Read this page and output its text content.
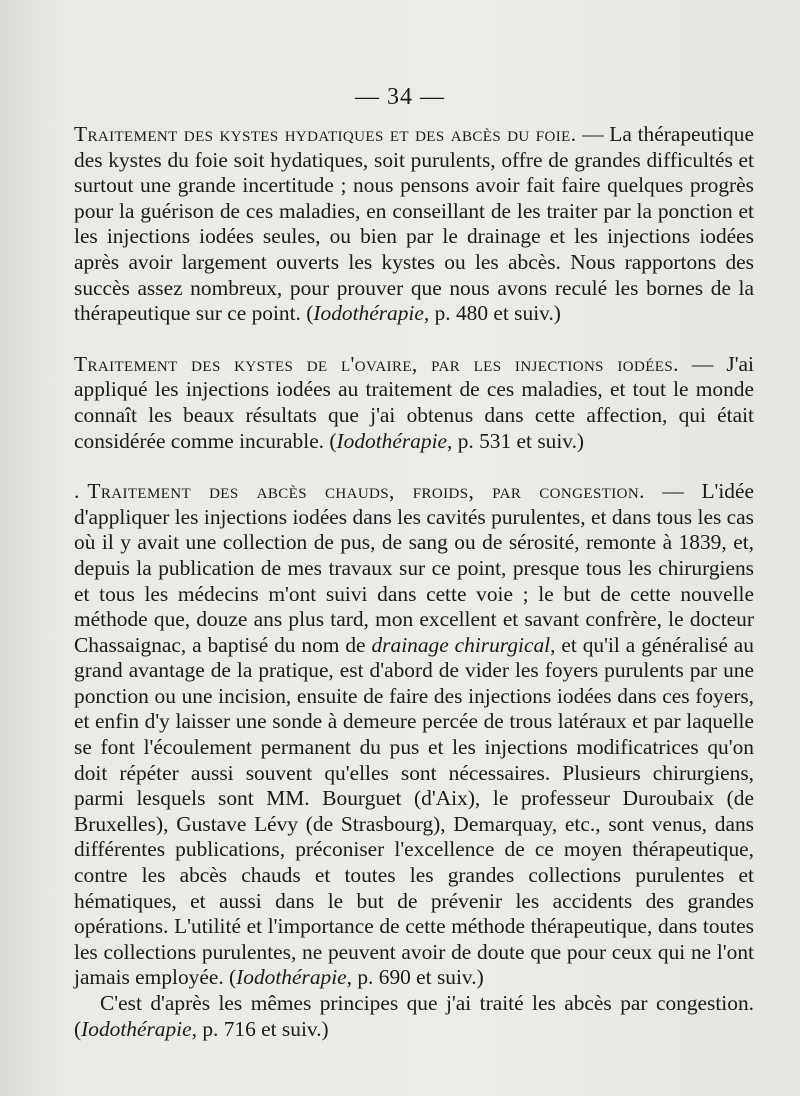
— 34 —

Traitement des kystes hydatiques et des abcès du foie. — La thérapeutique des kystes du foie soit hydatiques, soit purulents, offre de grandes difficultés et surtout une grande incertitude ; nous pensons avoir fait faire quelques progrès pour la guérison de ces maladies, en conseillant de les traiter par la ponction et les injections iodées seules, ou bien par le drainage et les injections iodées après avoir largement ouverts les kystes ou les abcès. Nous rapportons des succès assez nombreux, pour prouver que nous avons reculé les bornes de la thérapeutique sur ce point. (Iodothérapie, p. 480 et suiv.)

Traitement des kystes de l'ovaire, par les injections iodées. — J'ai appliqué les injections iodées au traitement de ces maladies, et tout le monde connaît les beaux résultats que j'ai obtenus dans cette affection, qui était considérée comme incurable. (Iodothérapie, p. 531 et suiv.)

. Traitement des abcès chauds, froids, par congestion. — L'idée d'appliquer les injections iodées dans les cavités purulentes, et dans tous les cas où il y avait une collection de pus, de sang ou de sérosité, remonte à 1839, et, depuis la publication de mes travaux sur ce point, presque tous les chirurgiens et tous les médecins m'ont suivi dans cette voie ; le but de cette nouvelle méthode que, douze ans plus tard, mon excellent et savant confrère, le docteur Chassaignac, a baptisé du nom de drainage chirurgical, et qu'il a généralisé au grand avantage de la pratique, est d'abord de vider les foyers purulents par une ponction ou une incision, ensuite de faire des injections iodées dans ces foyers, et enfin d'y laisser une sonde à demeure percée de trous latéraux et par laquelle se font l'écoulement permanent du pus et les injections modificatrices qu'on doit répéter aussi souvent qu'elles sont nécessaires. Plusieurs chirurgiens, parmi lesquels sont MM. Bourguet (d'Aix), le professeur Duroubaix (de Bruxelles), Gustave Lévy (de Strasbourg), Demarquay, etc., sont venus, dans différentes publications, préconiser l'excellence de ce moyen thérapeutique, contre les abcès chauds et toutes les grandes collections purulentes et hématiques, et aussi dans le but de prévenir les accidents des grandes opérations. L'utilité et l'importance de cette méthode thérapeutique, dans toutes les collections purulentes, ne peuvent avoir de doute que pour ceux qui ne l'ont jamais employée. (Iodothérapie, p. 690 et suiv.)

C'est d'après les mêmes principes que j'ai traité les abcès par congestion. (Iodothérapie, p. 716 et suiv.)
